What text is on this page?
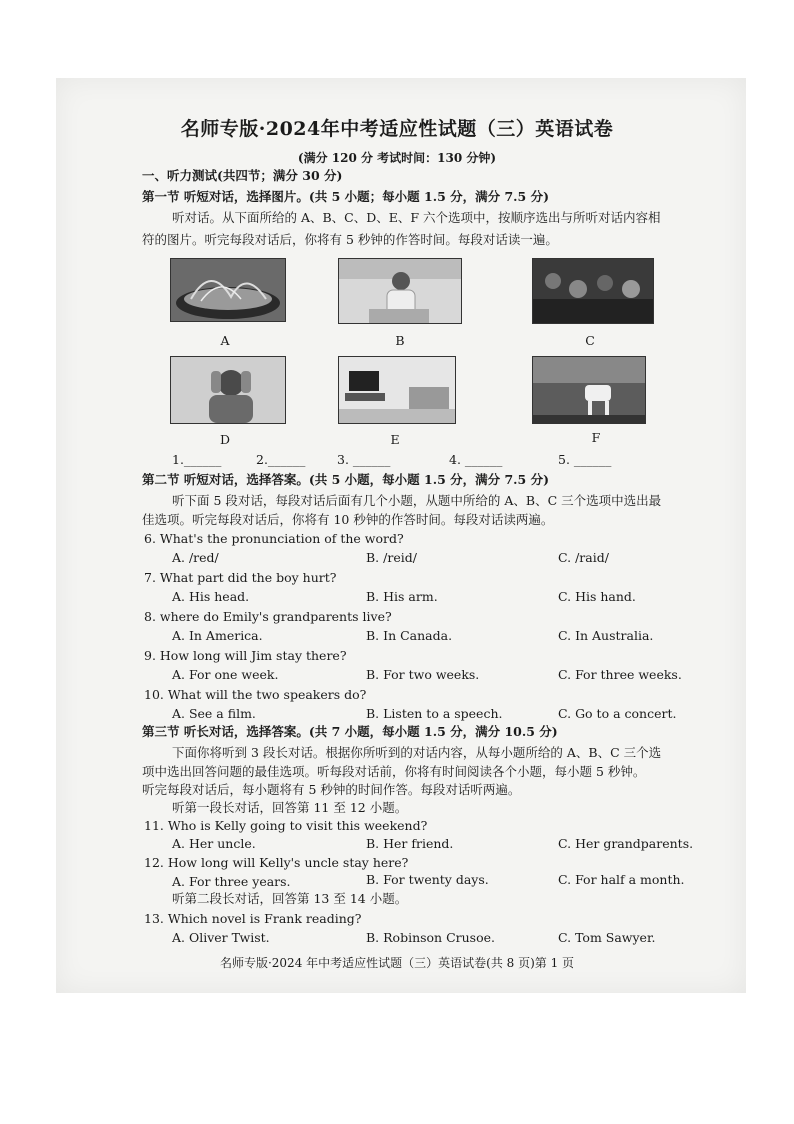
名师专版·2024年中考适应性试题（三）英语试卷
(满分 120 分 考试时间：130 分钟)
一、听力测试(共四节；满分 30 分)
第一节 听短对话，选择图片。(共 5 小题；每小题 1.5 分，满分 7.5 分)
听对话。从下面所给的 A、B、C、D、E、F 六个选项中，按顺序选出与所听对话内容相
符的图片。听完每段对话后，你将有 5 秒钟的作答时间。每段对话读一遍。
A	B	C
D	E	F
1.______	2.______	3. ______	4. ______	5. ______
第二节 听短对话，选择答案。(共 5 小题，每小题 1.5 分，满分 7.5 分)
听下面 5 段对话，每段对话后面有几个小题，从题中所给的 A、B、C 三个选项中选出最
佳选项。听完每段对话后，你将有 10 秒钟的作答时间。每段对话读两遍。
6. What's the pronunciation of the word?
A. /red/	B. /reid/	C. /raid/
7. What part did the boy hurt?
A. His head.	B. His arm.	C. His hand.
8. where do Emily's grandparents live?
A. In America.	B. In Canada.	C. In Australia.
9. How long will Jim stay there?
A. For one week.	B. For two weeks.	C. For three weeks.
10. What will the two speakers do?
A. See a film.	B. Listen to a speech.	C. Go to a concert.
第三节 听长对话，选择答案。(共 7 小题，每小题 1.5 分，满分 10.5 分)
下面你将听到 3 段长对话。根据你所听到的对话内容，从每小题所给的 A、B、C 三个选
项中选出回答问题的最佳选项。听每段对话前，你将有时间阅读各个小题，每小题 5 秒钟。
听完每段对话后，每小题将有 5 秒钟的时间作答。每段对话听两遍。
听第一段长对话，回答第 11 至 12 小题。
11. Who is Kelly going to visit this weekend?
A. Her uncle.	B. Her friend.	C. Her grandparents.
12. How long will Kelly's uncle stay here?
A. For three years.	B. For twenty days.	C. For half a month.
听第二段长对话，回答第 13 至 14 小题。
13. Which novel is Frank reading?
A. Oliver Twist.	B. Robinson Crusoe.	C. Tom Sawyer.
名师专版·2024 年中考适应性试题（三）英语试卷(共 8 页)第 1 页
